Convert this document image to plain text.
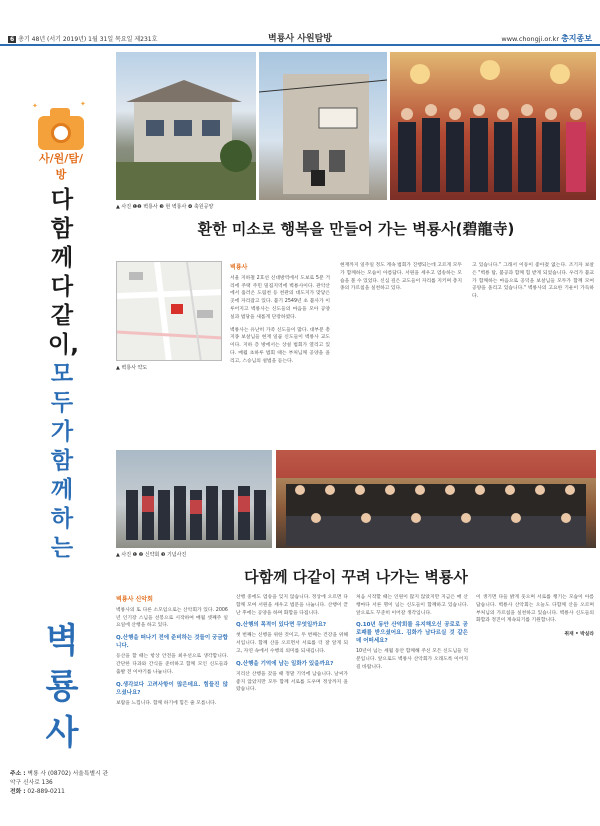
6 총기 48년 (서기 2019년) 1월 31일 목요일 제231호	벽룡사 사원탐방	www.chongji.or.kr 총지종보
✦	✦
사/원/탐/방
다함께 다같이, 모두가 함께하는
벽룡사
주소 : 벽룡 사 (08702) 서울특별시 관악구 신사로 136
전화 : 02-889-0211
▲ 사진 ❶❷ 벽룡사 ❸ 현 벽룡사 ❹ 축원공양
환한 미소로 행복을 만들어 가는 벽룡사(碧龍寺)
▲ 벽룡사 약도
벽룡사

서울 지하철 2호선 신대방역에서 도보로 5분 거리에 주택 주민 밀집지역에 벽룡사이다. 관악산에서 흘러온 도림천 등 천관의 대도지가 맞닿은 곳에 자리잡고 있다. 불기 2549년 초 불사가 이루어지고 벽룡사는 신도들의 마음을 모아 공양실과 법당을 새롭게 단장하였다.

벽룡사는 유난히 가족 신도들이 많다. 대부분 총지종 보살님들 현재 일곱 신도들이 벽룡사 교도이다. 지하 층 방에서는 상설 법회가 열리고 있다. 매월 초하루 법회 때는 부처님께 공양을 올리고, 스승님의 설법을 듣는다.

현재까지 일주일 정도 계속 법회가 진행되는데 고르게 모두가 함께하는 모습이 아름답다. 서원을 세우고 염송하는 모습을 볼 수 있었다. 신심 깊은 교도들이 자리를 지키며 총지종의 가르침을 실천하고 있다.

고 있습니다." 그래서 이동이 좋아졌 없는다. 조기자 보살은 "벽룡 탑, 불공과 함께 힘 받게 되었습니다. 우리가 불교가 함께하는 마음으로 공덕을 보살님들 모두가 함께 모여 공양을 올리고 있습니다." 벽룡사의 고요한 기운이 가득하다.

▲ 사진 ❶ ❷ 신약회 ❸ 기념사진
다함께 다같이 꾸려 나가는 벽룡사
벽룡사 신악회

벽룡사의 또 다른 소모임으로는 산악회가 있다. 2006년 인기장 스님을 선봉으로 시작하여 매월 셋째주 일요일에 산행을 하고 있다.

Q.산행을 떠나기 전에 준비하는 것들이 궁금합니다.

등산을 할 때는 항상 안전을 최우선으로 생각합니다. 간단한 다과와 간식을 준비하고 함께 모인 신도들과 출발 전 이야기를 나눕니다.

Q.생각보다 고려사항이 많은데요. 힘들진 않으셨나요?

보람을 느낍니다. 함께 하기에 힘든 줄 모릅니다.

산행 중에도 염송을 잊지 않습니다. 정상에 오르면 다함께 모여 서원을 세우고 법문을 나눕니다. 산행이 끝난 후에는 공양을 하며 화합을 다집니다.

Q.산행의 목적이 있다면 무엇일까요?

첫 번째는 신행을 위한 것이고, 두 번째는 건강을 위해서입니다. 함께 산을 오르면서 서로를 더 잘 알게 되고, 자연 속에서 수행의 의미를 되새깁니다.

Q.산행을 기억에 남는 일화가 있을까요?

지리산 산행을 갔을 때 정말 기억에 남습니다. 날씨가 좋지 않았지만 모두 함께 서로를 도우며 정상까지 올랐습니다.

처음 시작할 때는 인원이 많지 않았지만 지금은 매 산행마다 서른 명이 넘는 신도들이 함께하고 있습니다. 앞으로도 꾸준히 이어갈 생각입니다.

Q.10년 동안 산악회를 유지해오신 공로로 공로패를 받으셨어요. 김화가 남다르실 것 같은데 어떠세요?

10년이 넘는 세월 동안 함께해 주신 모든 신도님들 덕분입니다. 앞으로도 벽룡사 산악회가 오래도록 이어지길 바랍니다.

이 생기면 다들 밝게 웃으며 서로를 챙기는 모습이 아름답습니다. 벽룡사 산악회는 오늘도 다함께 산을 오르며 부처님의 가르침을 실천하고 있습니다. 벽룡사 신도들의 화합과 정진이 계속되기를 기원합니다.

취재 • 박실라
